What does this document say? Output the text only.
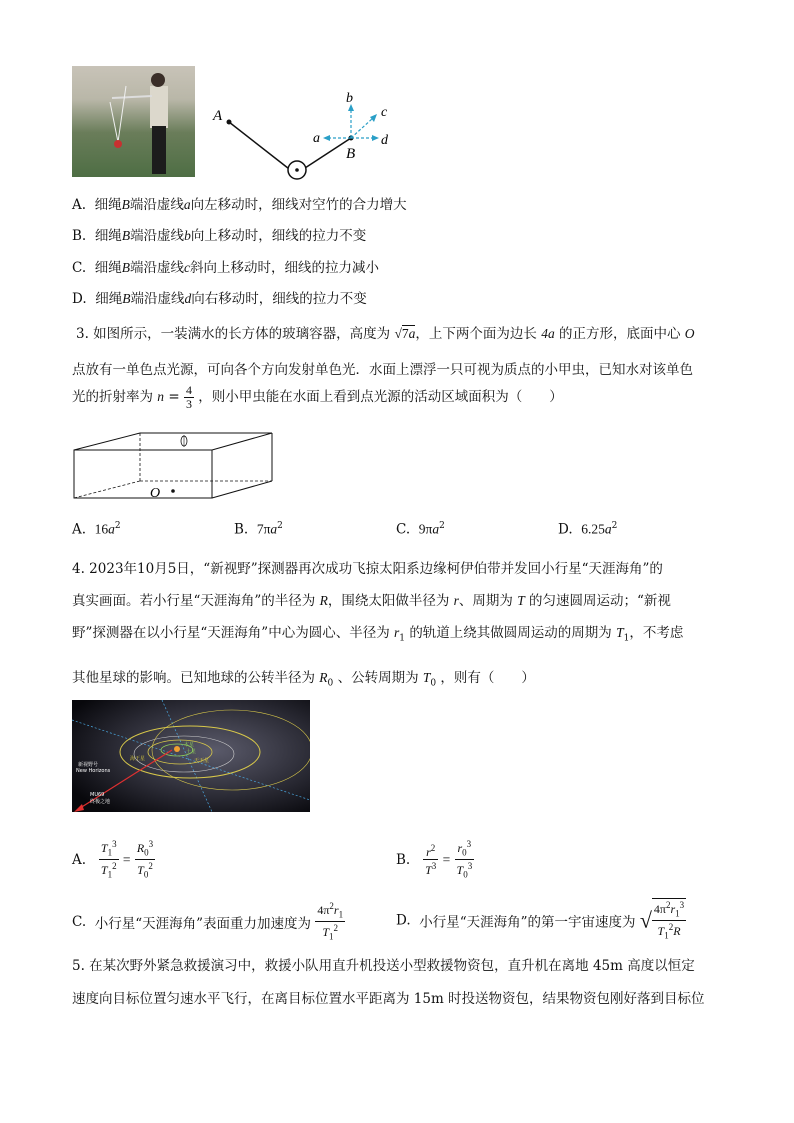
A
b
c
a	d
B
A. 细绳B端沿虚线a向左移动时，细线对空竹的合力增大
B. 细绳B端沿虚线b向上移动时，细线的拉力不变
C. 细绳B端沿虚线c斜向上移动时，细线的拉力减小
D. 细绳B端沿虚线d向右移动时，细线的拉力不变
3. 如图所示，一装满水的长方体的玻璃容器，高度为 √7a，上下两个面为边长 4a 的正方形，底面中心 O
点放有一单色点光源，可向各个方向发射单色光．水面上漂浮一只可视为质点的小甲虫，已知水对该单色
光的折射率为 $n = \frac{4}{3}$ ，则小甲虫能在水面上看到点光源的活动区域面积为（　　）
O
A. $16a^2$	B. $7\pi a^2$	C. $9\pi a^2$	D. $6.25a^2$
4. 2023年10月5日，“新视野”探测器再次成功飞掠太阳系边缘柯伊伯带并发回小行星“天涯海角”的
真实画面。若小行星“天涯海角”的半径为 R，围绕太阳做半径为 r、周期为 T 的匀速圆周运动；“新视
野”探测器在以小行星“天涯海角”中心为圆心、半径为 $r_1$ 的轨道上绕其做圆周运动的周期为 $T_1$，不考虑
其他星球的影响。已知地球的公转半径为 $R_0$ 、公转周期为 $T_0$ ，则有（　　）
木星
土星
海王星	天王星
新视野号
New Horizons
MU69
终极之地
A. $\frac{T_1^3}{T_1^2} = \frac{R_0^3}{T_0^2}$	B. $\frac{r^2}{T^3} = \frac{r_0^3}{T_0^3}$
C. 小行星“天涯海角”表面重力加速度为 $\frac{4\pi^2r_1}{T_1^2}$	D. 小行星“天涯海角”的第一宇宙速度为 √ $\frac{4\pi^2r_1^3}{T_1^2R}$
5. 在某次野外紧急救援演习中，救援小队用直升机投送小型救援物资包，直升机在离地 45m 高度以恒定
速度向目标位置匀速水平飞行，在离目标位置水平距离为 15m 时投送物资包，结果物资包刚好落到目标位
